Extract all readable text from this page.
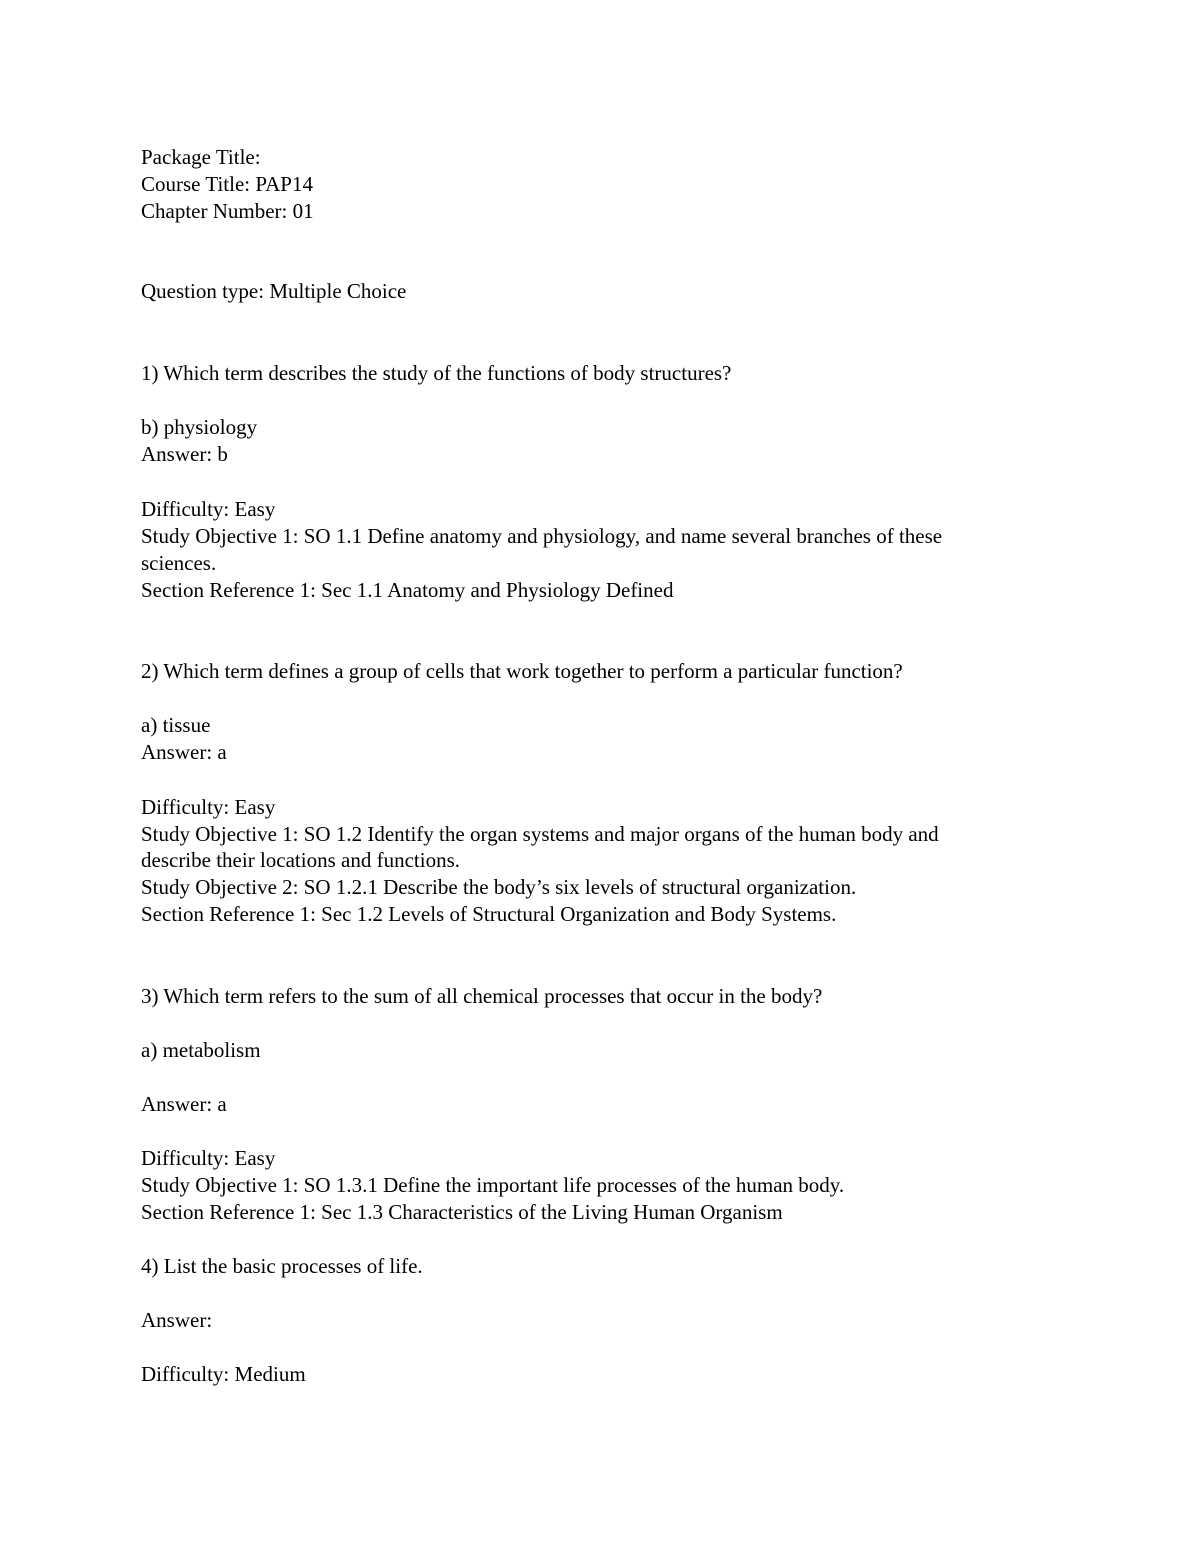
Package Title:
Course Title: PAP14
Chapter Number: 01
Question type: Multiple Choice
1) Which term describes the study of the functions of body structures?
b) physiology
Answer: b
Difficulty: Easy
Study Objective 1: SO 1.1 Define anatomy and physiology, and name several branches of these
sciences.
Section Reference 1: Sec 1.1 Anatomy and Physiology Defined
2) Which term defines a group of cells that work together to perform a particular function?
a) tissue
Answer: a
Difficulty: Easy
Study Objective 1: SO 1.2 Identify the organ systems and major organs of the human body and
describe their locations and functions.
Study Objective 2: SO 1.2.1 Describe the body’s six levels of structural organization.
Section Reference 1: Sec 1.2 Levels of Structural Organization and Body Systems.
3) Which term refers to the sum of all chemical processes that occur in the body?
a) metabolism
Answer: a
Difficulty: Easy
Study Objective 1: SO 1.3.1 Define the important life processes of the human body.
Section Reference 1: Sec 1.3 Characteristics of the Living Human Organism
4) List the basic processes of life.
Answer:
Difficulty: Medium
